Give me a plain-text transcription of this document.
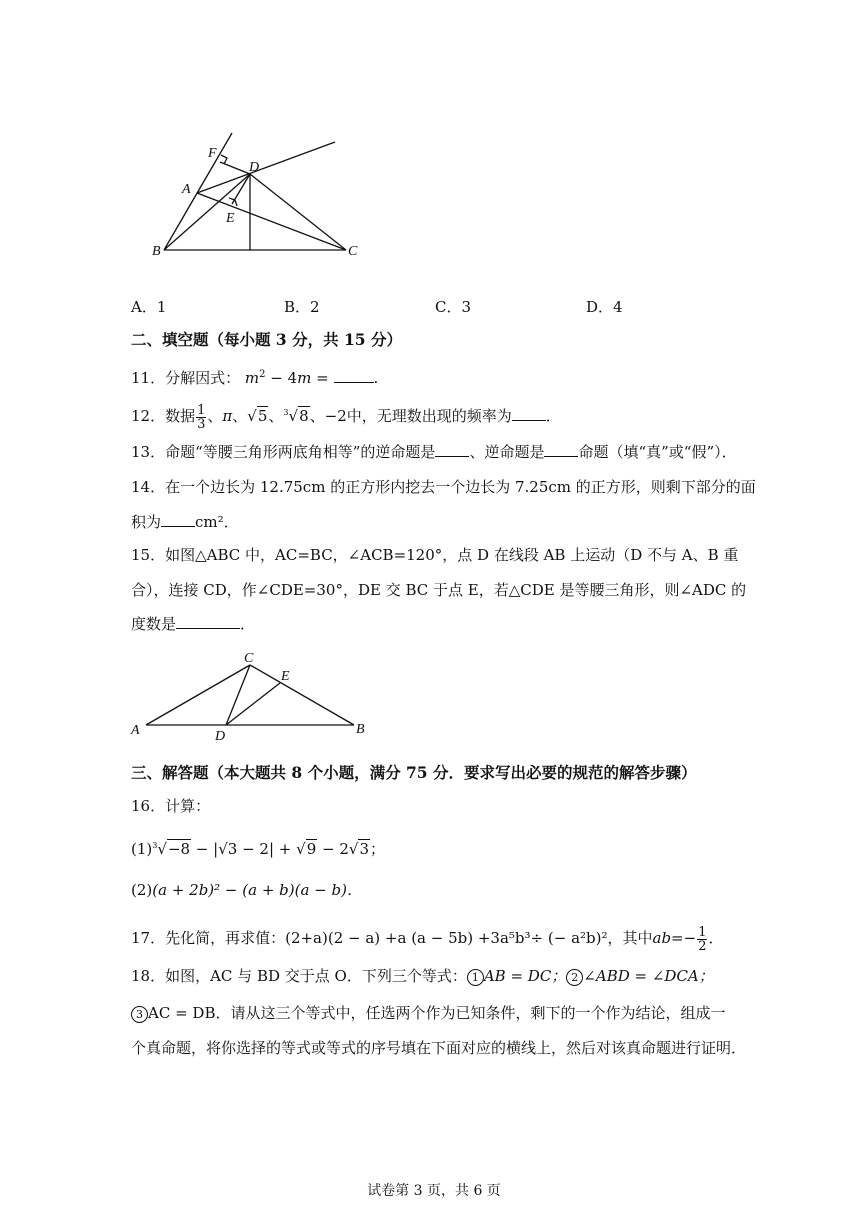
F
D
A
E
B	C
A．1	B．2	C．3	D．4
二、填空题（每小题 3 分，共 15 分）
11．分解因式： $m^2 - 4m$ =	.
12．数据 $\frac{1}{3}$ 、π、√5、$^3$√8、−2中，无理数出现的频率为 ．
13．命题“等腰三角形两底角相等”的逆命题是 、逆命题是 命题（填“真”或“假”）．
14．在一个边长为 12.75cm 的正方形内挖去一个边长为 7.25cm 的正方形，则剩下部分的面
积为 cm²．
15．如图△ABC 中，AC=BC，∠ACB=120°，点 D 在线段 AB 上运动（D 不与 A、B 重
合），连接 CD，作∠CDE=30°，DE 交 BC 于点 E，若△CDE 是等腰三角形，则∠ADC 的
度数是	．
C
E
A	D	B
三、解答题（本大题共 8 个小题，满分 75 分．要求写出必要的规范的解答步骤）
16．计算：
$(1)^3√-8 - |√3 - 2| + √9 - 2√3$；
(2)(a + 2b)² − (a + b)(a − b)．
17．先化简，再求值：(2+a)(2 − a) +a (a − 5b) +3a⁵b³÷ (− a²b)²，其中$ab=- \frac{1}{2}$ ．
18．如图，AC 与 BD 交于点 O．下列三个等式： 1 AB = DC； 2 ∠ABD = ∠DCA；
3 AC = DB．请从这三个等式中，任选两个作为已知条件，剩下的一个作为结论，组成一
个真命题，将你选择的等式或等式的序号填在下面对应的横线上，然后对该真命题进行证明．
试卷第 3 页，共 6 页
